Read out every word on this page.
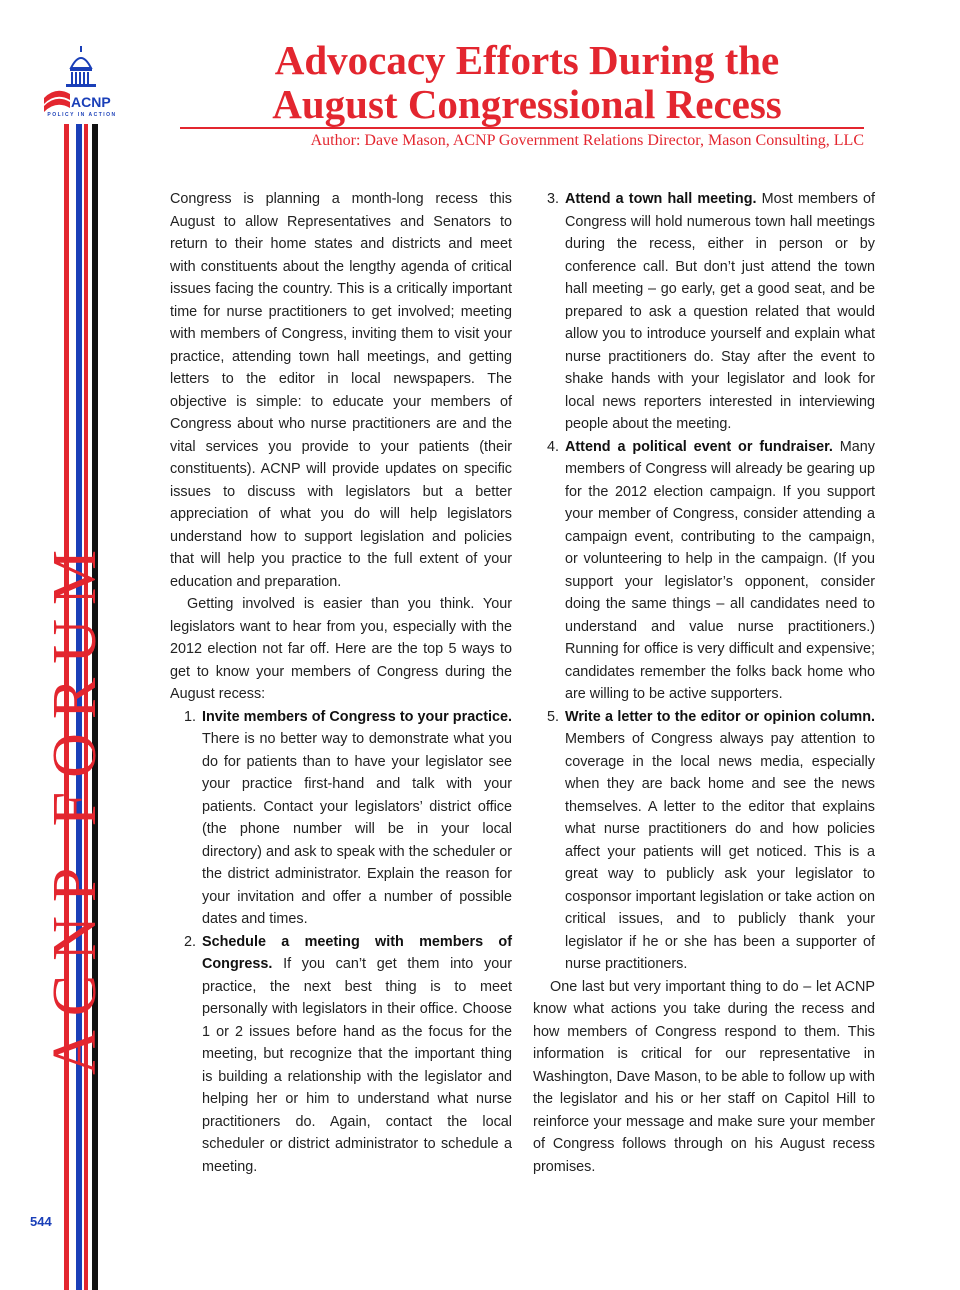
ACNP
POLICY IN ACTION
ACNP FORUM
544
Advocacy Efforts During the
August Congressional Recess
Author: Dave Mason, ACNP Government Relations Director, Mason Consulting, LLC

Congress is planning a month-long recess this August to allow Representatives and Senators to return to their home states and districts and meet with constituents about the lengthy agenda of critical issues facing the country. This is a critically important time for nurse practitioners to get involved; meeting with members of Congress, inviting them to visit your practice, attending town hall meetings, and getting letters to the editor in local newspapers. The objective is simple: to educate your members of Congress about who nurse practitioners are and the vital services you provide to your patients (their constituents). ACNP will provide updates on specific issues to discuss with legislators but a better appreciation of what you do will help legislators understand how to support legislation and policies that will help you practice to the full extent of your education and preparation.

Getting involved is easier than you think. Your legislators want to hear from you, especially with the 2012 election not far off. Here are the top 5 ways to get to know your members of Congress during the August recess:

1. Invite members of Congress to your practice. There is no better way to demonstrate what you do for patients than to have your legislator see your practice first-hand and talk with your patients. Contact your legislators’ district office (the phone number will be in your local directory) and ask to speak with the scheduler or the district administrator. Explain the reason for your invitation and offer a number of possible dates and times.
2. Schedule a meeting with members of Congress. If you can’t get them into your practice, the next best thing is to meet personally with legislators in their office. Choose 1 or 2 issues before hand as the focus for the meeting, but recognize that the important thing is building a relationship with the legislator and helping her or him to understand what nurse practitioners do. Again, contact the local scheduler or district administrator to schedule a meeting.
3. Attend a town hall meeting. Most members of Congress will hold numerous town hall meetings during the recess, either in person or by conference call. But don’t just attend the town hall meeting – go early, get a good seat, and be prepared to ask a question related that would allow you to introduce yourself and explain what nurse practitioners do. Stay after the event to shake hands with your legislator and look for local news reporters interested in interviewing people about the meeting.
4. Attend a political event or fundraiser. Many members of Congress will already be gearing up for the 2012 election campaign. If you support your member of Congress, consider attending a campaign event, contributing to the campaign, or volunteering to help in the campaign. (If you support your legislator’s opponent, consider doing the same things – all candidates need to understand and value nurse practitioners.) Running for office is very difficult and expensive; candidates remember the folks back home who are willing to be active supporters.
5. Write a letter to the editor or opinion column. Members of Congress always pay attention to coverage in the local news media, especially when they are back home and see the news themselves. A letter to the editor that explains what nurse practitioners do and how policies affect your patients will get noticed. This is a great way to publicly ask your legislator to cosponsor important legislation or take action on critical issues, and to publicly thank your legislator if he or she has been a supporter of nurse practitioners.

One last but very important thing to do – let ACNP know what actions you take during the recess and how members of Congress respond to them. This information is critical for our representative in Washington, Dave Mason, to be able to follow up with the legislator and his or her staff on Capitol Hill to reinforce your message and make sure your member of Congress follows through on his August recess promises.
